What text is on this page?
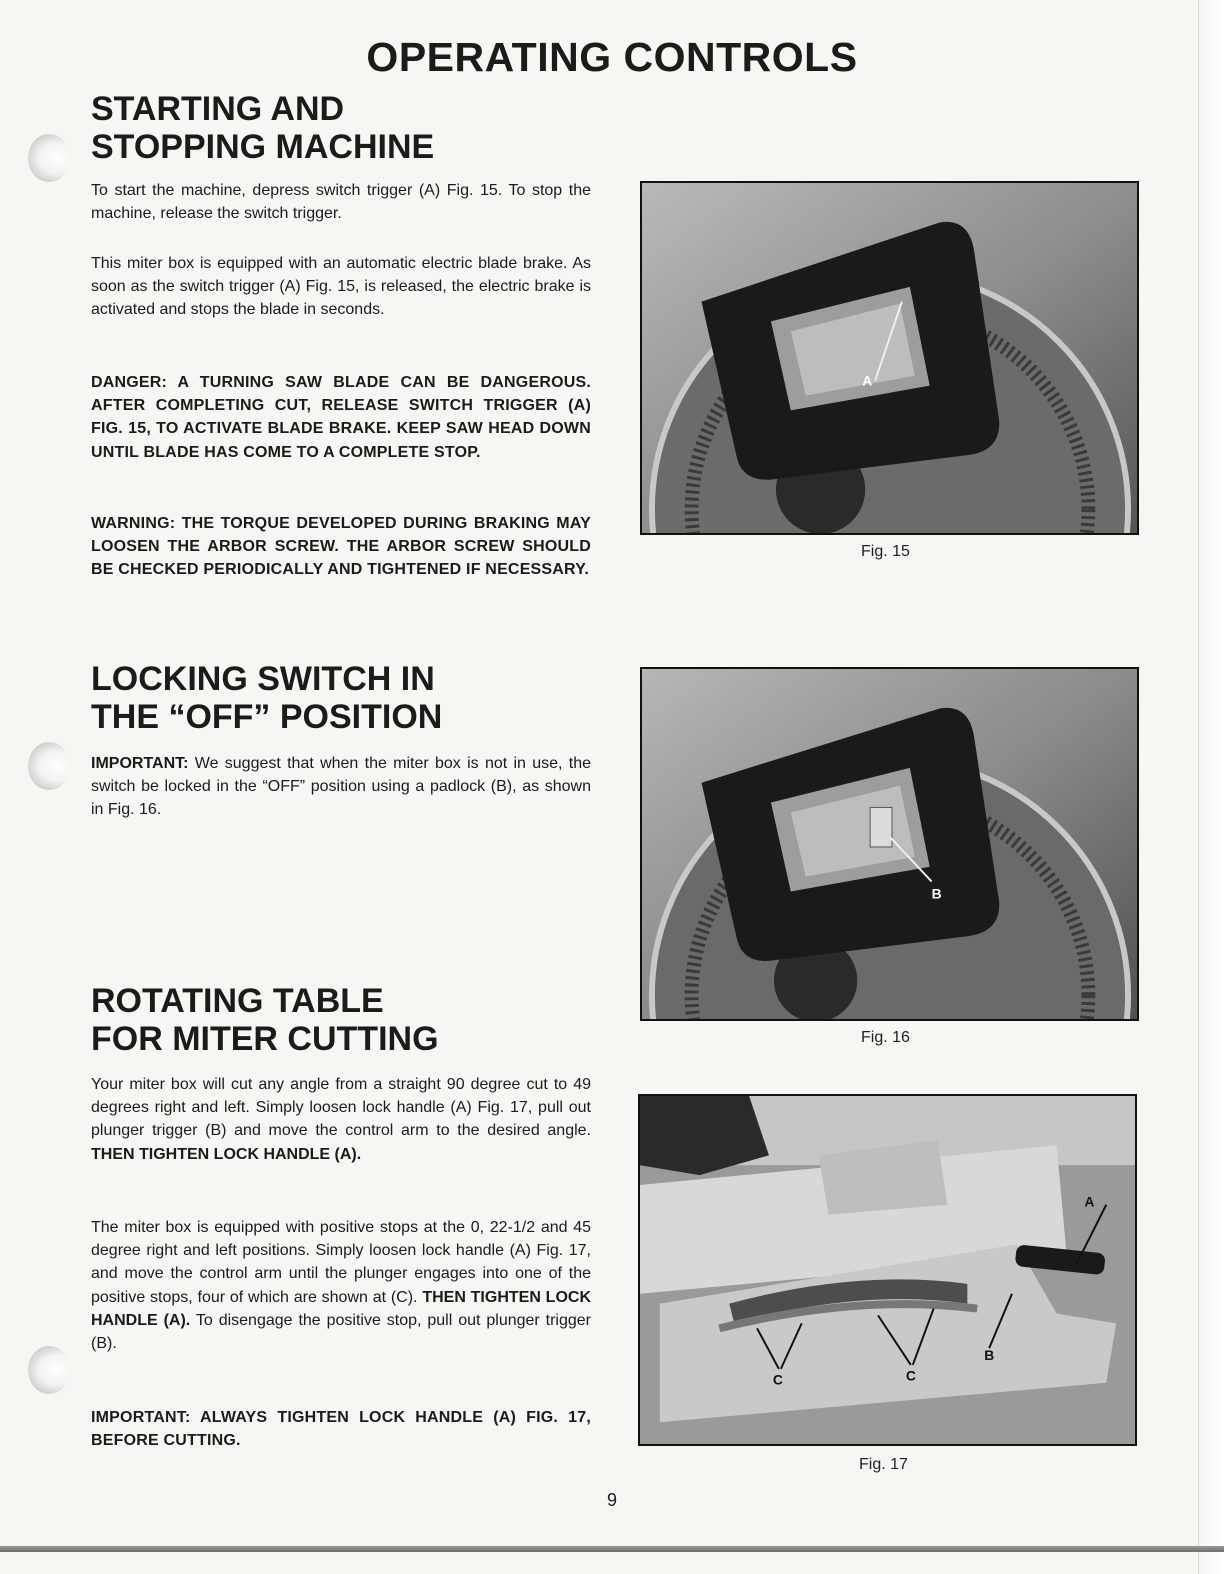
OPERATING CONTROLS
STARTING AND
STOPPING MACHINE

To start the machine, depress switch trigger (A) Fig. 15. To stop the machine, release the switch trigger.

This miter box is equipped with an automatic electric blade brake. As soon as the switch trigger (A) Fig. 15, is released, the electric brake is activated and stops the blade in seconds.

DANGER: A TURNING SAW BLADE CAN BE DANGEROUS. AFTER COMPLETING CUT, RELEASE SWITCH TRIGGER (A) FIG. 15, TO ACTIVATE BLADE BRAKE. KEEP SAW HEAD DOWN UNTIL BLADE HAS COME TO A COMPLETE STOP.

WARNING: THE TORQUE DEVELOPED DURING BRAKING MAY LOOSEN THE ARBOR SCREW. THE ARBOR SCREW SHOULD BE CHECKED PERIODICALLY AND TIGHTENED IF NECESSARY.

LOCKING SWITCH IN
THE “OFF” POSITION

IMPORTANT: We suggest that when the miter box is not in use, the switch be locked in the “OFF” position using a padlock (B), as shown in Fig. 16.

ROTATING TABLE
FOR MITER CUTTING

Your miter box will cut any angle from a straight 90 degree cut to 49 degrees right and left. Simply loosen lock handle (A) Fig. 17, pull out plunger trigger (B) and move the control arm to the desired angle. THEN TIGHTEN LOCK HANDLE (A).

The miter box is equipped with positive stops at the 0, 22-1/2 and 45 degree right and left positions. Simply loosen lock handle (A) Fig. 17, and move the control arm until the plunger engages into one of the positive stops, four of which are shown at (C). THEN TIGHTEN LOCK HANDLE (A). To disengage the positive stop, pull out plunger trigger (B).

IMPORTANT: ALWAYS TIGHTEN LOCK HANDLE (A) FIG. 17, BEFORE CUTTING.

A

Fig. 15

B

Fig. 16

A
B
C	C

Fig. 17

9
